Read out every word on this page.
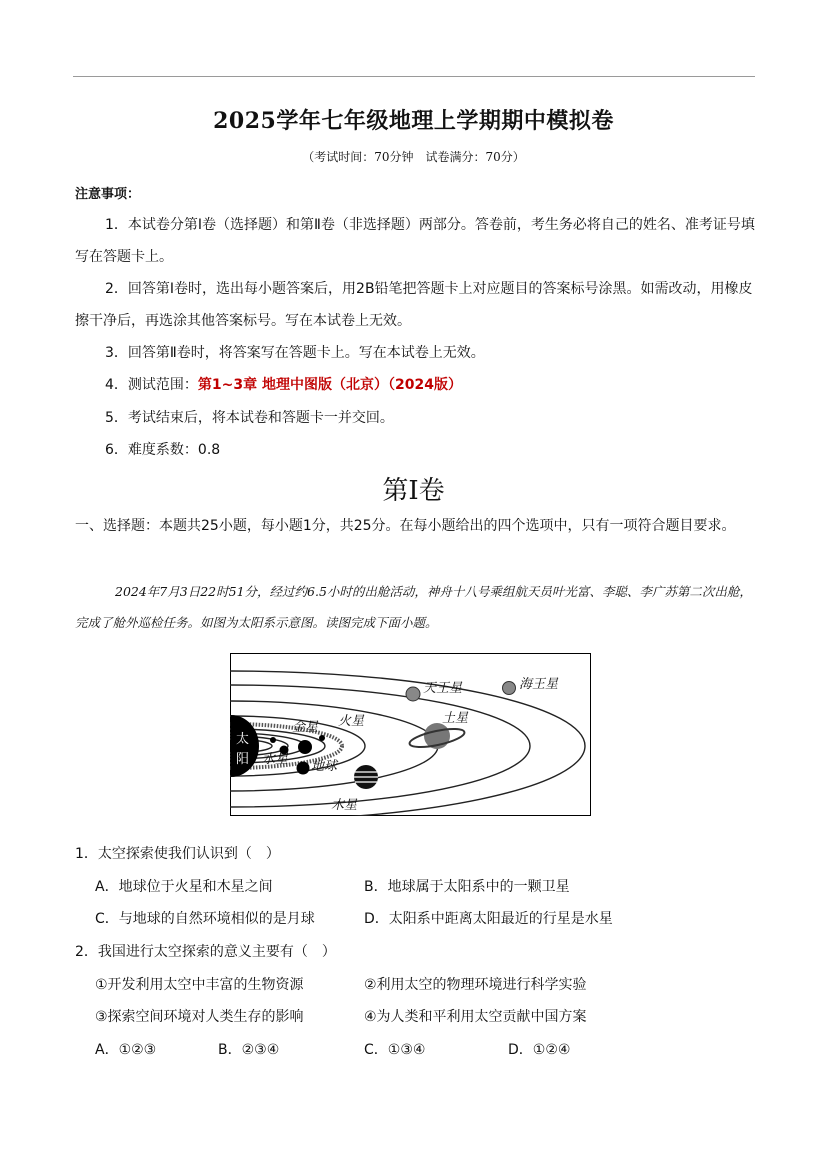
2025学年七年级地理上学期期中模拟卷
（考试时间：70分钟　试卷满分：70分）
注意事项：
1．本试卷分第Ⅰ卷（选择题）和第Ⅱ卷（非选择题）两部分。答卷前，考生务必将自己的姓名、准考证号填写在答题卡上。
2．回答第Ⅰ卷时，选出每小题答案后，用2B铅笔把答题卡上对应题目的答案标号涂黑。如需改动，用橡皮擦干净后，再选涂其他答案标号。写在本试卷上无效。
3．回答第Ⅱ卷时，将答案写在答题卡上。写在本试卷上无效。
4．测试范围：第1~3章 地理中图版（北京）（2024版）
5．考试结束后，将本试卷和答题卡一并交回。
6．难度系数：0.8
第Ⅰ卷
一、选择题：本题共25小题，每小题1分，共25分。在每小题给出的四个选项中，只有一项符合题目要求。
2024年7月3日22时51分，经过约6.5小时的出舱活动，神舟十八号乘组航天员叶光富、李聪、李广苏第二次出舱，完成了舱外巡检任务。如图为太阳系示意图。读图完成下面小题。
太
阳 水星
金星
地球
火星
木星
土星
天王星	海王星
1．太空探索使我们认识到（　）
A．地球位于火星和木星之间	B．地球属于太阳系中的一颗卫星
C．与地球的自然环境相似的是月球	D．太阳系中距离太阳最近的行星是水星
2．我国进行太空探索的意义主要有（　）
①开发利用太空中丰富的生物资源	②利用太空的物理环境进行科学实验
③探索空间环境对人类生存的影响	④为人类和平利用太空贡献中国方案
A．①②③	B．②③④	C．①③④	D．①②④
